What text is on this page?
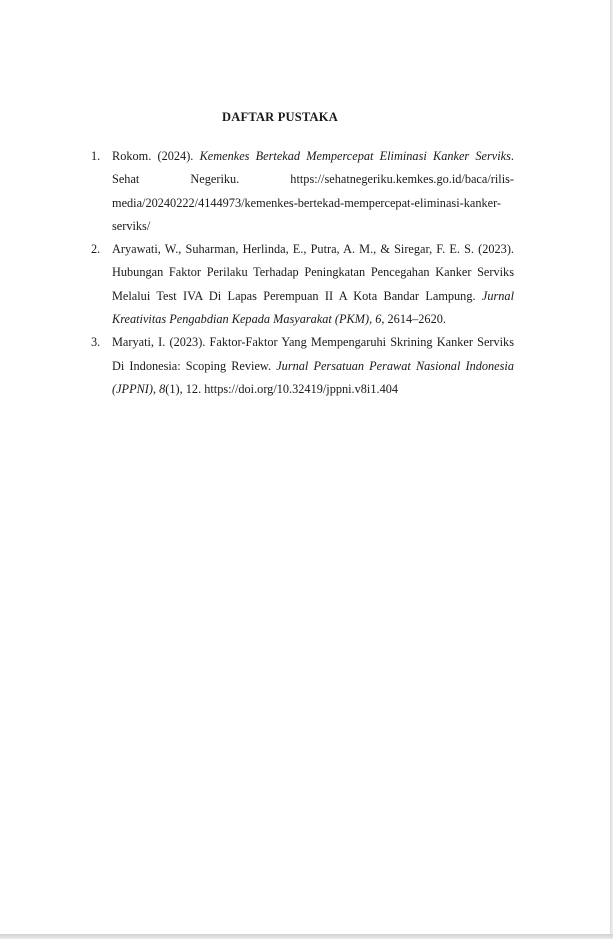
DAFTAR PUSTAKA
1. Rokom. (2024). Kemenkes Bertekad Mempercepat Eliminasi Kanker Serviks. Sehat Negeriku. https://sehatnegeriku.kemkes.go.id/baca/rilis-media/20240222/4144973/kemenkes-bertekad-mempercepat-eliminasi-kanker-serviks/
2. Aryawati, W., Suharman, Herlinda, E., Putra, A. M., & Siregar, F. E. S. (2023). Hubungan Faktor Perilaku Terhadap Peningkatan Pencegahan Kanker Serviks Melalui Test IVA Di Lapas Perempuan II A Kota Bandar Lampung. Jurnal Kreativitas Pengabdian Kepada Masyarakat (PKM), 6, 2614–2620.
3. Maryati, I. (2023). Faktor-Faktor Yang Mempengaruhi Skrining Kanker Serviks Di Indonesia: Scoping Review. Jurnal Persatuan Perawat Nasional Indonesia (JPPNI), 8(1), 12. https://doi.org/10.32419/jppni.v8i1.404
